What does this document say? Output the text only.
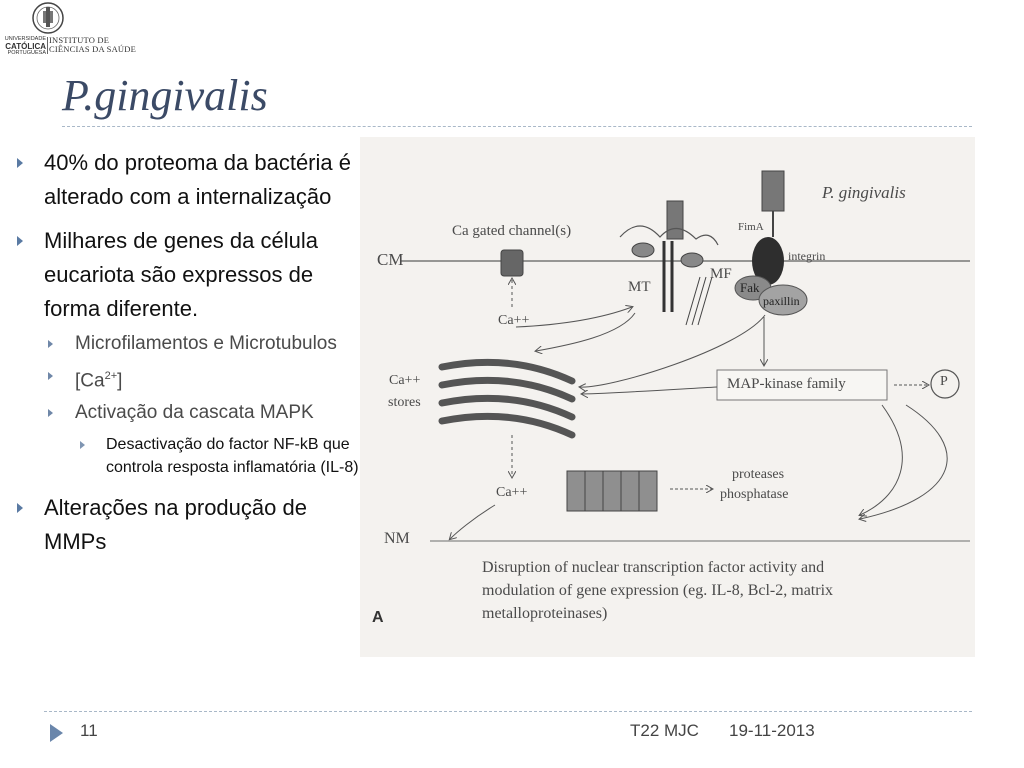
UNIVERSIDADE
CATÓLICA
PORTUGUESA
INSTITUTO DE
CIÊNCIAS DA SAÚDE
P.gingivalis

40% do proteoma da bactéria é alterado com a internalização

Milhares de genes da célula eucariota são expressos de forma diferente.

Microfilamentos e Microtubulos

$[Ca^{2+}]$

Activação da cascata MAPK

Desactivação do factor NF-kB que controla resposta inflamatória (IL-8)

Alterações na produção de MMPs

P. gingivalis
Ca gated channel(s)	FimA
integrin
CM
MT
MF
Fak
paxillin
Ca++
Ca++
stores
MAP-kinase family	P
Ca++
proteases
phosphatase
NM
Disruption of nuclear transcription factor activity and
modulation of gene expression (eg. IL-8, Bcl-2, matrix
metalloproteinases)
A
11	T22 MJC 19-11-2013
